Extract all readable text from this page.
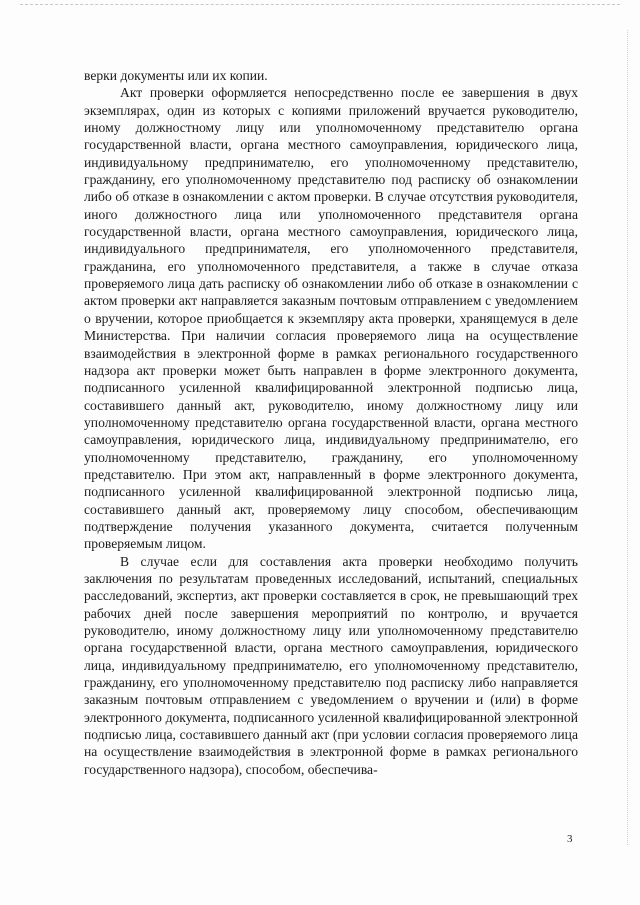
верки документы или их копии.

Акт проверки оформляется непосредственно после ее завершения в двух экземплярах, один из которых с копиями приложений вручается руководителю, иному должностному лицу или уполномоченному представителю органа государственной власти, органа местного самоуправления, юридического лица, индивидуальному предпринимателю, его уполномоченному представителю, гражданину, его уполномоченному представителю под расписку об ознакомлении либо об отказе в ознакомлении с актом проверки. В случае отсутствия руководителя, иного должностного лица или уполномоченного представителя органа государственной власти, органа местного самоуправления, юридического лица, индивидуального предпринимателя, его уполномоченного представителя, гражданина, его уполномоченного представителя, а также в случае отказа проверяемого лица дать расписку об ознакомлении либо об отказе в ознакомлении с актом проверки акт направляется заказным почтовым отправлением с уведомлением о вручении, которое приобщается к экземпляру акта проверки, хранящемуся в деле Министерства. При наличии согласия проверяемого лица на осуществление взаимодействия в электронной форме в рамках регионального государственного надзора акт проверки может быть направлен в форме электронного документа, подписанного усиленной квалифицированной электронной подписью лица, составившего данный акт, руководителю, иному должностному лицу или уполномоченному представителю органа государственной власти, органа местного самоуправления, юридического лица, индивидуальному предпринимателю, его уполномоченному представителю, гражданину, его уполномоченному представителю. При этом акт, направленный в форме электронного документа, подписанного усиленной квалифицированной электронной подписью лица, составившего данный акт, проверяемому лицу способом, обеспечивающим подтверждение получения указанного документа, считается полученным проверяемым лицом.

В случае если для составления акта проверки необходимо получить заключения по результатам проведенных исследований, испытаний, специальных расследований, экспертиз, акт проверки составляется в срок, не превышающий трех рабочих дней после завершения мероприятий по контролю, и вручается руководителю, иному должностному лицу или уполномоченному представителю органа государственной власти, органа местного самоуправления, юридического лица, индивидуальному предпринимателю, его уполномоченному представителю, гражданину, его уполномоченному представителю под расписку либо направляется заказным почтовым отправлением с уведомлением о вручении и (или) в форме электронного документа, подписанного усиленной квалифицированной электронной подписью лица, составившего данный акт (при условии согласия проверяемого лица на осуществление взаимодействия в электронной форме в рамках регионального государственного надзора), способом, обеспечива-

3
